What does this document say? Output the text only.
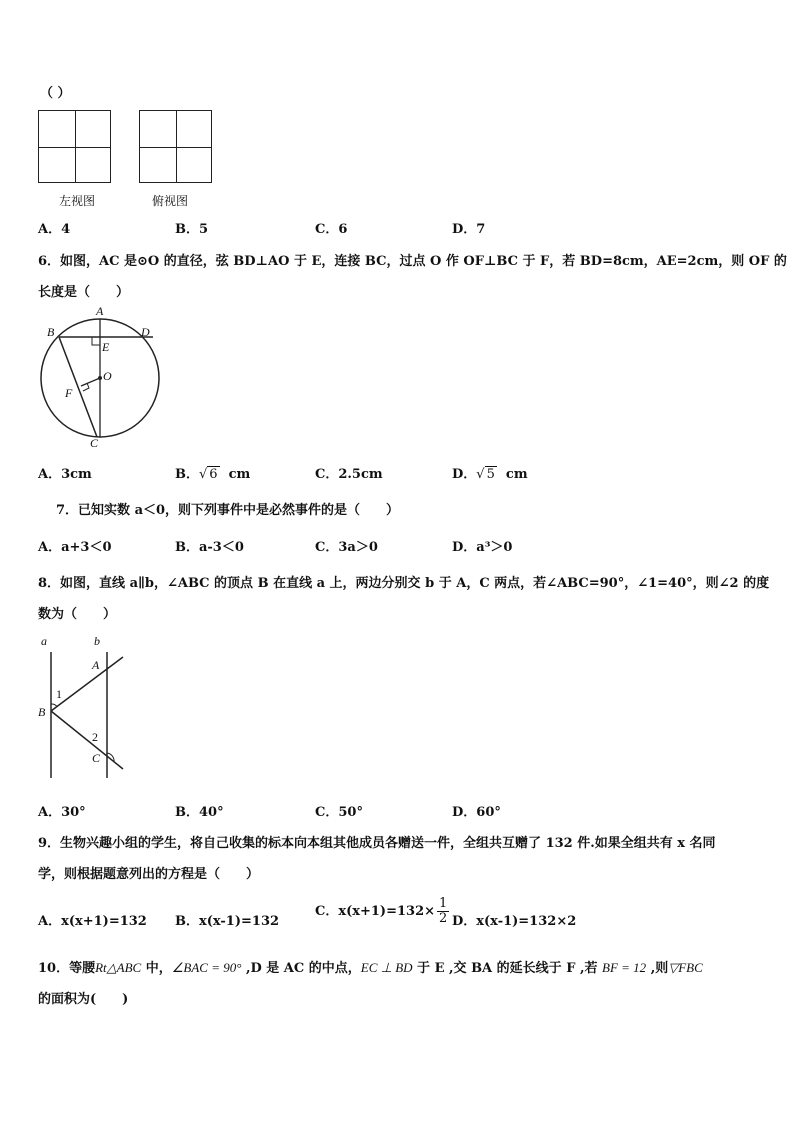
（ ）
左视图	俯视图
A．4	B．5	C．6	D．7
6．如图，AC 是⊙O 的直径，弦 BD⊥AO 于 E，连接 BC，过点 O 作 OF⊥BC 于 F，若 BD=8cm，AE=2cm，则 OF 的
长度是（　　）
A
B	D
E
O
F
C
A．3cm	B．√ 6 cm	C．2.5cm	D．√ 5 cm
7．已知实数 a＜0，则下列事件中是必然事件的是（　　）
A．a+3＜0	B．a-3＜0	C．3a＞0	D．a³＞0
8．如图，直线 a∥b，∠ABC 的顶点 B 在直线 a 上，两边分别交 b 于 A，C 两点，若∠ABC=90°，∠1=40°，则∠2 的度
数为（　　）
a	b
A
B
C
1
2
A．30°	B．40°	C．50°	D．60°
9．生物兴趣小组的学生，将自己收集的标本向本组其他成员各赠送一件，全组共互赠了 132 件.如果全组共有 x 名同
学，则根据题意列出的方程是（　　）
A．x(x+1)=132 B．x(x-1)=132
C．$x(x+1)=132\times \frac{1}{2}$ D．x(x-1)=132×2
10．等腰Rt△ABC 中，∠BAC = 90° ,D 是 AC 的中点，EC ⊥ BD 于 E ,交 BA 的延长线于 F ,若 BF = 12 ,则▽FBC
的面积为(　　)
